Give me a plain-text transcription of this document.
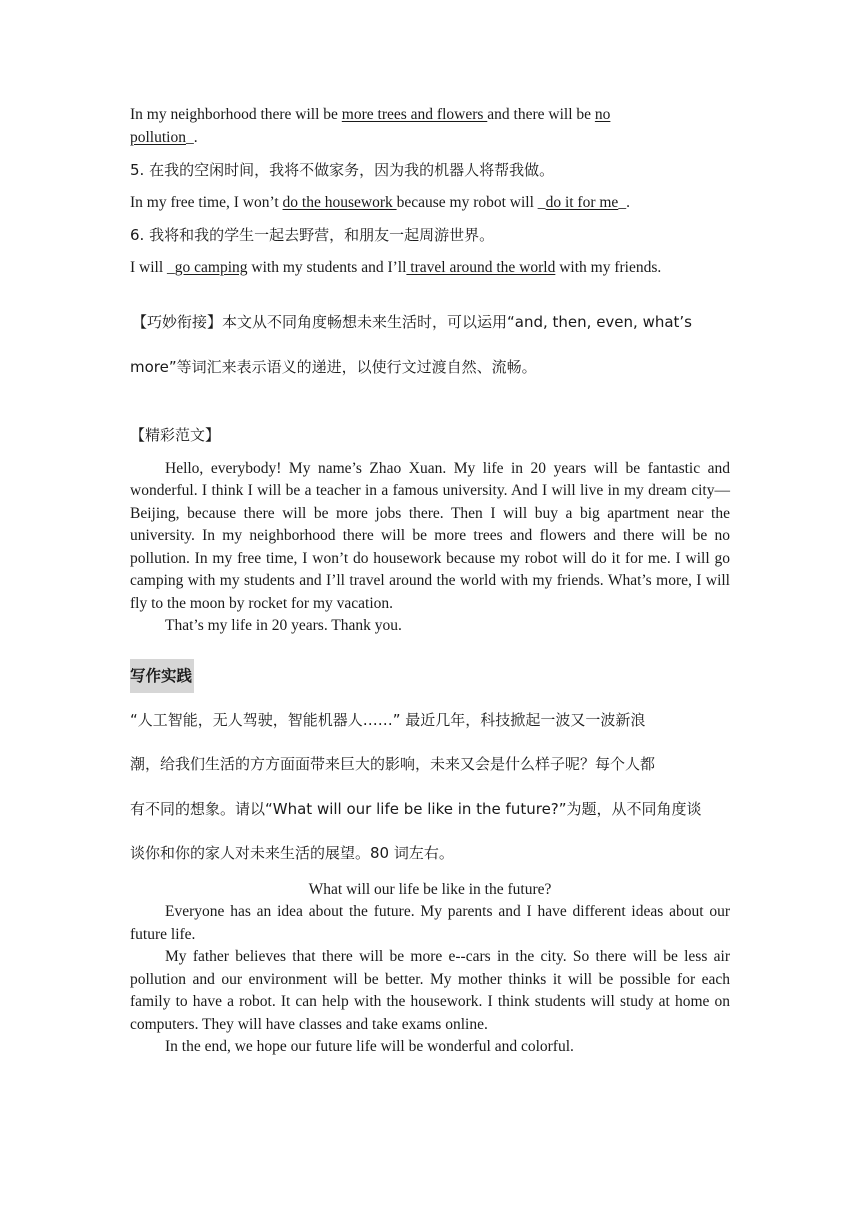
In my neighborhood there will be more trees and flowers and there will be no
pollution_.

5. 在我的空闲时间，我将不做家务，因为我的机器人将帮我做。

In my free time, I won’t do the housework because my robot will _do it for me_.

6. 我将和我的学生一起去野营，和朋友一起周游世界。

I will _go camping with my students and I’ll travel around the world with my friends.

【巧妙衔接】本文从不同角度畅想未来生活时，可以运用“and, then, even, what’s

more”等词汇来表示语义的递进，以使行文过渡自然、流畅。

【精彩范文】

Hello, everybody! My name’s Zhao Xuan. My life in 20 years will be fantastic and wonderful. I think I will be a teacher in a famous university. And I will live in my dream city—Beijing, because there will be more jobs there. Then I will buy a big apartment near the university. In my neighborhood there will be more trees and flowers and there will be no pollution. In my free time, I won’t do housework because my robot will do it for me. I will go camping with my students and I’ll travel around the world with my friends. What’s more, I will fly to the moon by rocket for my vacation.

That’s my life in 20 years. Thank you.

写作实践

“人工智能，无人驾驶，智能机器人……” 最近几年，科技掀起一波又一波新浪

潮，给我们生活的方方面面带来巨大的影响，未来又会是什么样子呢？每个人都

有不同的想象。请以“What will our life be like in the future?”为题，从不同角度谈

谈你和你的家人对未来生活的展望。80 词左右。

What will our life be like in the future?

Everyone has an idea about the future. My parents and I have different ideas about our future life.

My father believes that there will be more e--cars in the city. So there will be less air pollution and our environment will be better. My mother thinks it will be possible for each family to have a robot. It can help with the housework. I think students will study at home on computers. They will have classes and take exams online.

In the end, we hope our future life will be wonderful and colorful.
